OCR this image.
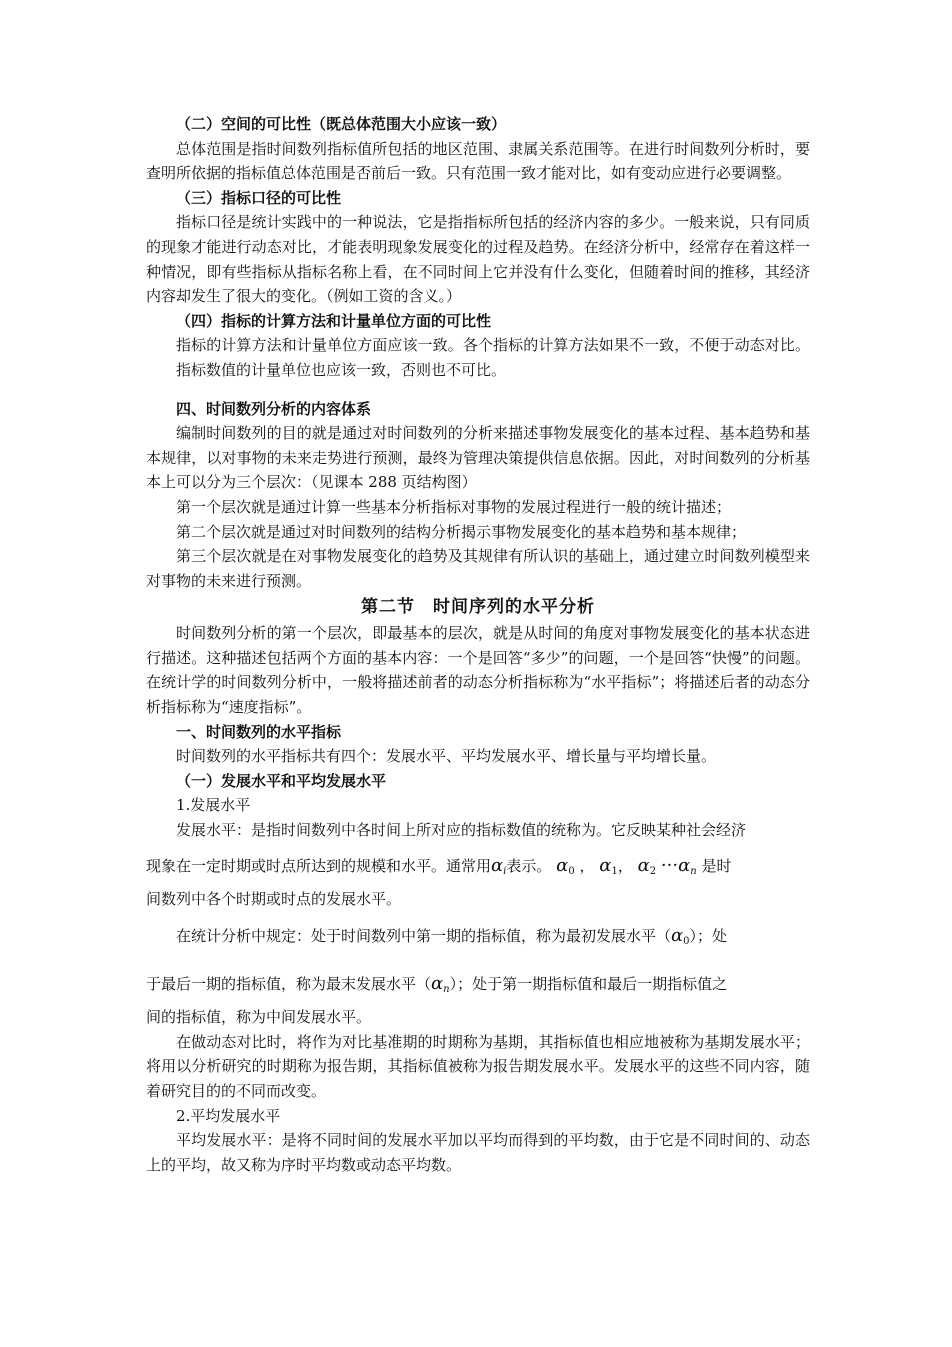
（二）空间的可比性（既总体范围大小应该一致）

总体范围是指时间数列指标值所包括的地区范围、隶属关系范围等。在进行时间数列分析时，要查明所依据的指标值总体范围是否前后一致。只有范围一致才能对比，如有变动应进行必要调整。

（三）指标口径的可比性

指标口径是统计实践中的一种说法，它是指指标所包括的经济内容的多少。一般来说，只有同质的现象才能进行动态对比，才能表明现象发展变化的过程及趋势。在经济分析中，经常存在着这样一种情况，即有些指标从指标名称上看，在不同时间上它并没有什么变化，但随着时间的推移，其经济内容却发生了很大的变化。（例如工资的含义。）

（四）指标的计算方法和计量单位方面的可比性

指标的计算方法和计量单位方面应该一致。各个指标的计算方法如果不一致，不便于动态对比。指标数值的计量单位也应该一致，否则也不可比。

四、时间数列分析的内容体系

编制时间数列的目的就是通过对时间数列的分析来描述事物发展变化的基本过程、基本趋势和基本规律，以对事物的未来走势进行预测，最终为管理决策提供信息依据。因此，对时间数列的分析基本上可以分为三个层次：（见课本 288 页结构图）

第一个层次就是通过计算一些基本分析指标对事物的发展过程进行一般的统计描述；

第二个层次就是通过对时间数列的结构分析揭示事物发展变化的基本趋势和基本规律；

第三个层次就是在对事物发展变化的趋势及其规律有所认识的基础上，通过建立时间数列模型来对事物的未来进行预测。

第二节　时间序列的水平分析

时间数列分析的第一个层次，即最基本的层次，就是从时间的角度对事物发展变化的基本状态进行描述。这种描述包括两个方面的基本内容：一个是回答“多少”的问题，一个是回答“快慢”的问题。在统计学的时间数列分析中，一般将描述前者的动态分析指标称为“水平指标”；将描述后者的动态分析指标称为“速度指标”。

一、时间数列的水平指标

时间数列的水平指标共有四个：发展水平、平均发展水平、增长量与平均增长量。

（一）发展水平和平均发展水平

1.发展水平

发展水平：是指时间数列中各时间上所对应的指标数值的统称为。它反映某种社会经济

现象在一定时期或时点所达到的规模和水平。通常用$\alpha_i$表示。 $\alpha_0$ ， $\alpha_1$， $\alpha_2 \cdot\cdot\cdot\alpha_n$ 是时

间数列中各个时期或时点的发展水平。

在统计分析中规定：处于时间数列中第一期的指标值，称为最初发展水平$(\alpha_0)$；处

于最后一期的指标值，称为最末发展水平$(\alpha_n)$；处于第一期指标值和最后一期指标值之

间的指标值，称为中间发展水平。

在做动态对比时，将作为对比基准期的时期称为基期，其指标值也相应地被称为基期发展水平；将用以分析研究的时期称为报告期，其指标值被称为报告期发展水平。发展水平的这些不同内容，随着研究目的的不同而改变。

2.平均发展水平

平均发展水平：是将不同时间的发展水平加以平均而得到的平均数，由于它是不同时间的、动态上的平均，故又称为序时平均数或动态平均数。
